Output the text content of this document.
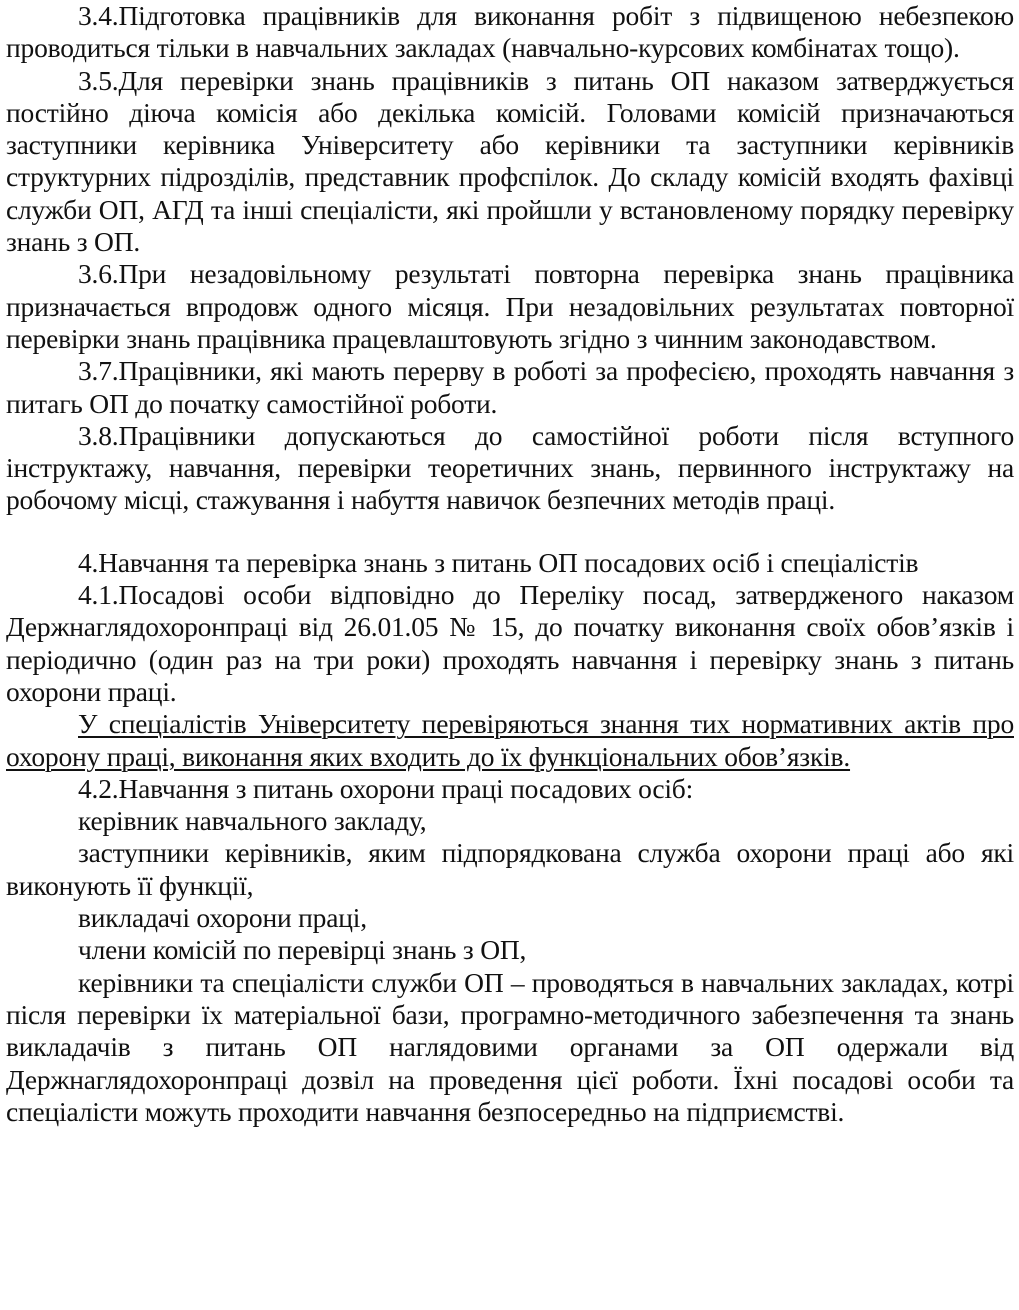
3.4.Підготовка працівників для виконання робіт з підвищеною небезпекою проводиться тільки в навчальних закладах (навчально-курсових комбінатах тощо).

3.5.Для перевірки знань працівників з питань ОП наказом затверджується постійно діюча комісія або декілька комісій. Головами комісій призначаються заступники керівника Університету або керівники та заступники керівників структурних підрозділів, представник профспілок. До складу комісій входять фахівці служби ОП, АГД та інші спеціалісти, які пройшли у встановленому порядку перевірку знань з ОП.

3.6.При незадовільному результаті повторна перевірка знань працівника призначається впродовж одного місяця. При незадовільних результатах повторної перевірки знань працівника працевлаштовують згідно з чинним законодавством.

3.7.Працівники, які мають перерву в роботі за професією, проходять навчання з питагь ОП до початку самостійної роботи.

3.8.Працівники допускаються до самостійної роботи після вступного інструктажу, навчання, перевірки теоретичних знань, первинного інструктажу на робочому місці, стажування і набуття навичок безпечних методів праці.

4.Навчання та перевірка знань з питань ОП посадових осіб і спеціалістів

4.1.Посадові особи відповідно до Переліку посад, затвердженого наказом Держнаглядохоронпраці від 26.01.05 № 15, до початку виконання своїх обов’язків і періодично (один раз на три роки) проходять навчання і перевірку знань з питань охорони праці.

У спеціалістів Університету перевіряються знання тих нормативних актів про охорону праці, виконання яких входить до їх функціональних обов’язків.

4.2.Навчання з питань охорони праці посадових осіб:

керівник навчального закладу,

заступники керівників, яким підпорядкована служба охорони праці або які виконують її функції,

викладачі охорони праці,

члени комісій по перевірці знань з ОП,

керівники та спеціалісти служби ОП – проводяться в навчальних закладах, котрі після перевірки їх матеріальної бази, програмно-методичного забезпечення та знань викладачів з питань ОП наглядовими органами за ОП одержали від Держнаглядохоронпраці дозвіл на проведення цієї роботи. Їхні посадові особи та спеціалісти можуть проходити навчання безпосередньо на підприємстві.
